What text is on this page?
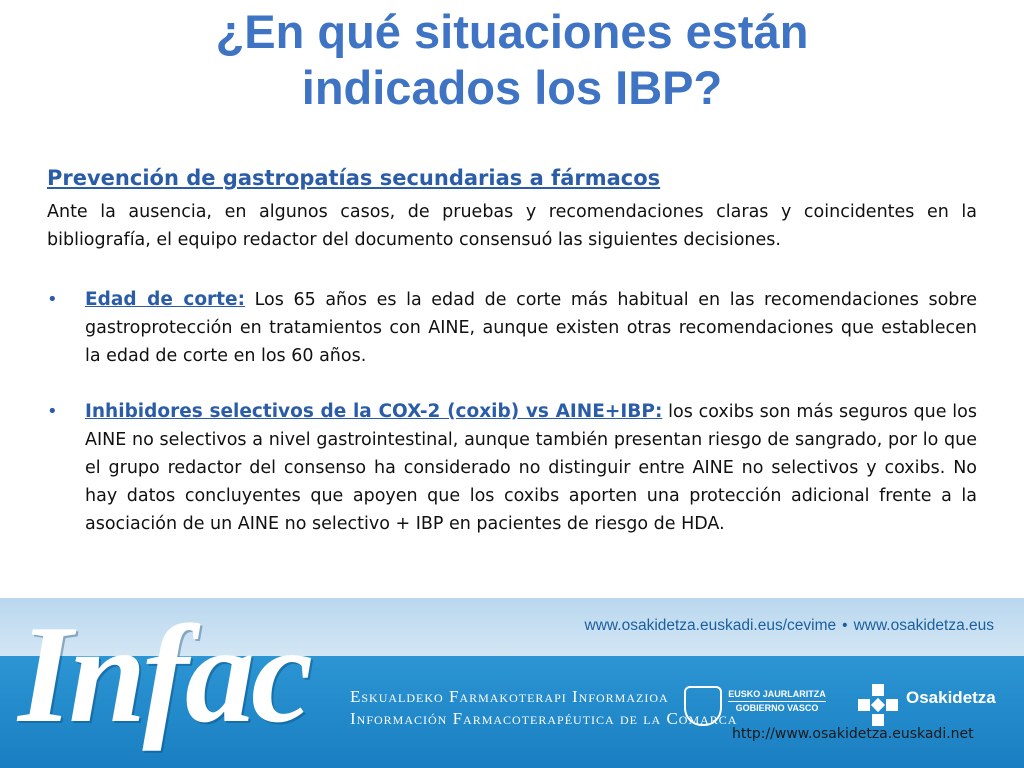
¿En qué situaciones están
indicados los IBP?
Prevención de gastropatías secundarias a fármacos

Ante la ausencia, en algunos casos, de pruebas y recomendaciones claras y coincidentes en la bibliografía, el equipo redactor del documento consensuó las siguientes decisiones.

• Edad de corte: Los 65 años es la edad de corte más habitual en las recomendaciones sobre gastroprotección en tratamientos con AINE, aunque existen otras recomendaciones que establecen la edad de corte en los 60 años.
• Inhibidores selectivos de la COX-2 (coxib) vs AINE+IBP: los coxibs son más seguros que los AINE no selectivos a nivel gastrointestinal, aunque también presentan riesgo de sangrado, por lo que el grupo redactor del consenso ha considerado no distinguir entre AINE no selectivos y coxibs. No hay datos concluyentes que apoyen que los coxibs aporten una protección adicional frente a la asociación de un AINE no selectivo + IBP en pacientes de riesgo de HDA.
www.osakidetza.euskadi.eus/cevime • www.osakidetza.eus
Infac Eskualdeko Farmakoterapi Informazioa
Información Farmacoterapéutica de la Comarca
EUSKO JAURLARITZA
GOBIERNO VASCO
Osakidetza
http://www.osakidetza.euskadi.net
